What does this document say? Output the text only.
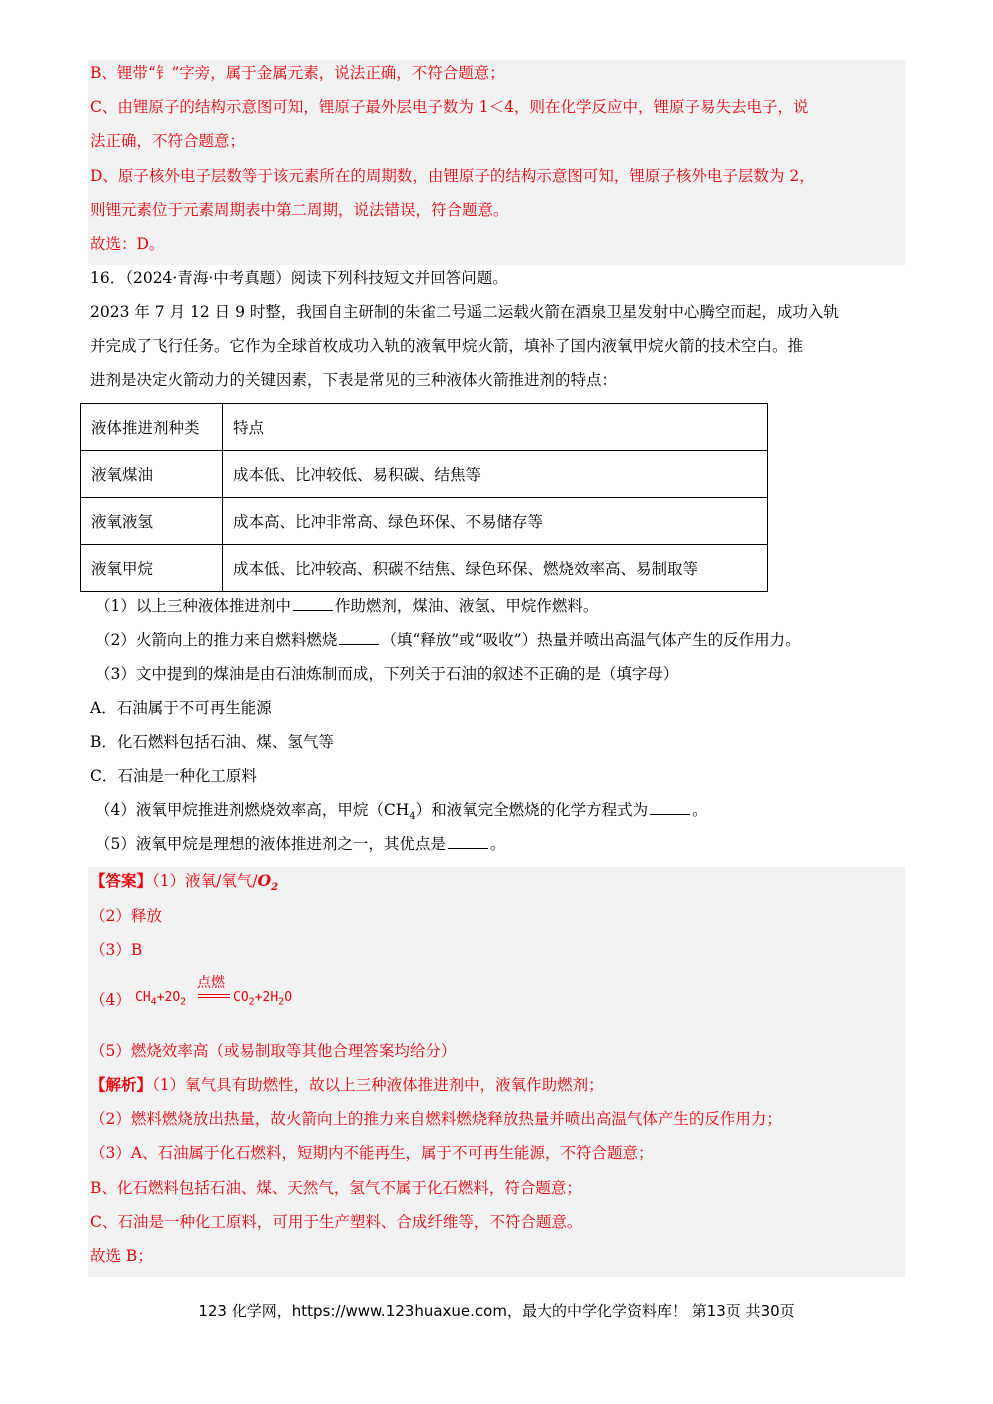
B、锂带“钅”字旁，属于金属元素，说法正确，不符合题意；
C、由锂原子的结构示意图可知，锂原子最外层电子数为 1＜4，则在化学反应中，锂原子易失去电子，说
法正确，不符合题意；
D、原子核外电子层数等于该元素所在的周期数，由锂原子的结构示意图可知，锂原子核外电子层数为 2，
则锂元素位于元素周期表中第二周期，说法错误，符合题意。
故选：D。
16．（2024·青海·中考真题）阅读下列科技短文并回答问题。
2023 年 7 月 12 日 9 时整，我国自主研制的朱雀二号遥二运载火箭在酒泉卫星发射中心腾空而起，成功入轨
并完成了飞行任务。它作为全球首枚成功入轨的液氧甲烷火箭，填补了国内液氧甲烷火箭的技术空白。推
进剂是决定火箭动力的关键因素，下表是常见的三种液体火箭推进剂的特点：
液体推进剂种类	特点
液氧煤油	成本低、比冲较低、易积碳、结焦等
液氧液氢	成本高、比冲非常高、绿色环保、不易储存等
液氧甲烷	成本低、比冲较高、积碳不结焦、绿色环保、燃烧效率高、易制取等
（1）以上三种液体推进剂中	作助燃剂，煤油、液氢、甲烷作燃料。
（2）火箭向上的推力来自燃料燃烧	（填“释放”或“吸收”）热量并喷出高温气体产生的反作用力。
（3）文中提到的煤油是由石油炼制而成，下列关于石油的叙述不正确的是（填字母）
A．石油属于不可再生能源
B．化石燃料包括石油、煤、氢气等
C．石油是一种化工原料
（4）液氧甲烷推进剂燃烧效率高，甲烷$(CH_4)$和液氧完全燃烧的化学方程式为	。
（5）液氧甲烷是理想的液体推进剂之一，其优点是	。
【答案】（1）液氧/氧气$/O_2$
（2）释放
（3）B
（4） $CH_4+2O_2$
点燃
$CO_2+2H_2O$
（5）燃烧效率高（或易制取等其他合理答案均给分）
【解析】（1）氧气具有助燃性，故以上三种液体推进剂中，液氧作助燃剂；
（2）燃料燃烧放出热量，故火箭向上的推力来自燃料燃烧释放热量并喷出高温气体产生的反作用力；
（3）A、石油属于化石燃料，短期内不能再生，属于不可再生能源，不符合题意；
B、化石燃料包括石油、煤、天然气，氢气不属于化石燃料，符合题意；
C、石油是一种化工原料，可用于生产塑料、合成纤维等，不符合题意。
故选 B；
123 化学网，https://www.123huaxue.com，最大的中学化学资料库！ 第13页 共30页
